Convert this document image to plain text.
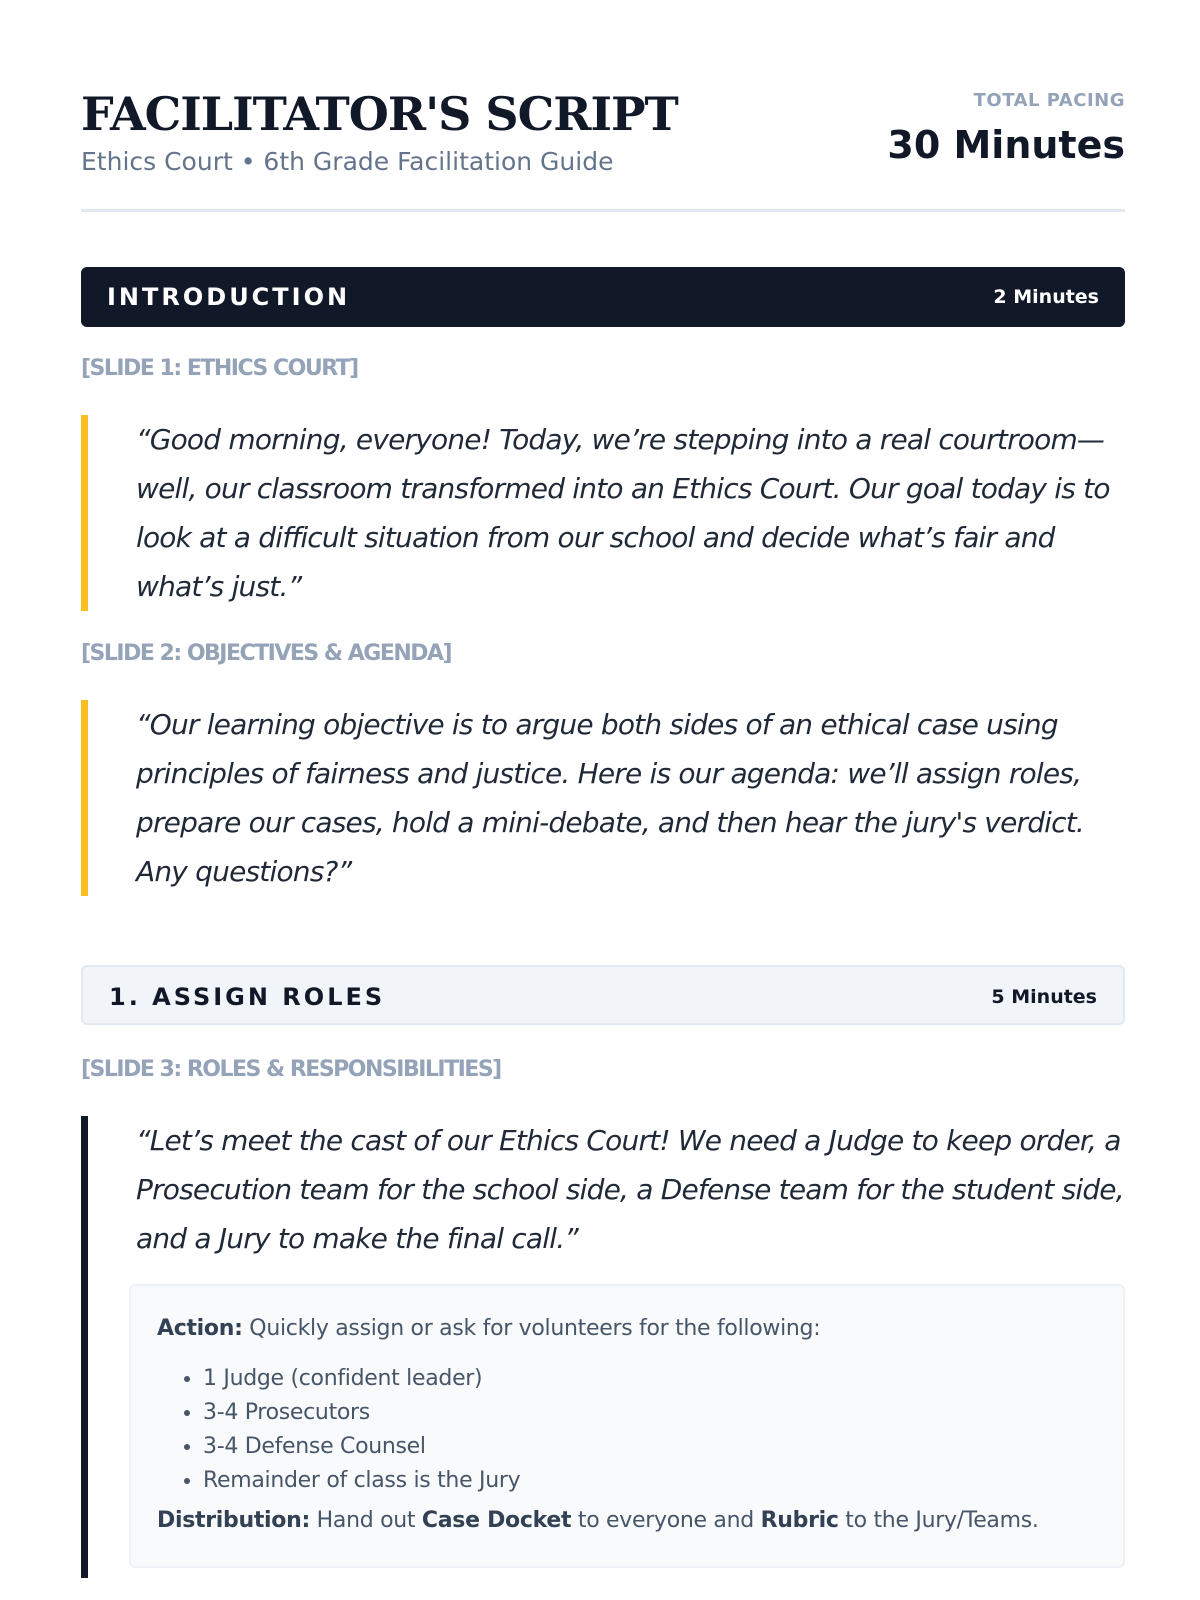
FACILITATOR'S SCRIPT
Ethics Court • 6th Grade Facilitation Guide
TOTAL PACING
30 Minutes
INTRODUCTION	2 Minutes
[SLIDE 1: ETHICS COURT]
“Good morning, everyone! Today, we’re stepping into a real courtroom—well, our classroom transformed into an Ethics Court. Our goal today is to look at a difficult situation from our school and decide what’s fair and what’s just.”
[SLIDE 2: OBJECTIVES & AGENDA]
“Our learning objective is to argue both sides of an ethical case using principles of fairness and justice. Here is our agenda: we’ll assign roles, prepare our cases, hold a mini-debate, and then hear the jury's verdict. Any questions?”
1. ASSIGN ROLES	5 Minutes
[SLIDE 3: ROLES & RESPONSIBILITIES]
“Let’s meet the cast of our Ethics Court! We need a Judge to keep order, a Prosecution team for the school side, a Defense team for the student side, and a Jury to make the final call.”
Action: Quickly assign or ask for volunteers for the following:
• 1 Judge (confident leader)
• 3-4 Prosecutors
• 3-4 Defense Counsel
• Remainder of class is the Jury
Distribution: Hand out Case Docket to everyone and Rubric to the Jury/Teams.
